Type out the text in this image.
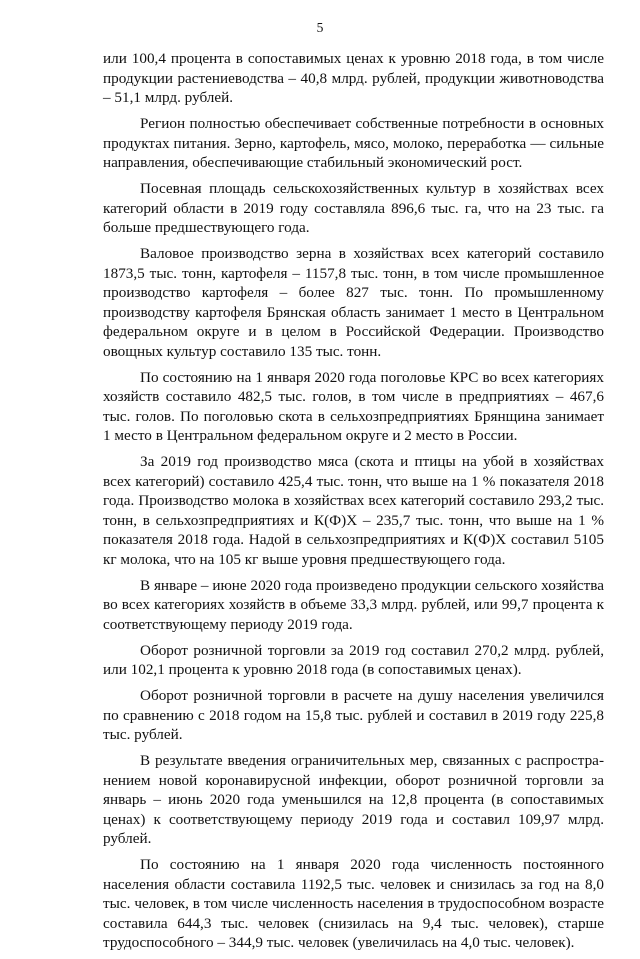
5

или 100,4 процента в сопоставимых ценах к уровню 2018 года, в том числе продукции растениеводства – 40,8 млрд. рублей, продукции животноводства – 51,1 млрд. рублей.

Регион полностью обеспечивает собственные потребности в основных продуктах питания. Зерно, картофель, мясо, молоко, переработка — сильные направления, обеспечивающие стабильный экономический рост.

Посевная площадь сельскохозяйственных культур в хозяйствах всех категорий области в 2019 году составляла 896,6 тыс. га, что на 23 тыс. га больше предшествующего года.

Валовое производство зерна в хозяйствах всех категорий составило 1873,5 тыс. тонн, картофеля – 1157,8 тыс. тонн, в том числе промышленное производство картофеля – более 827 тыс. тонн. По промышленному производству картофеля Брянская область занимает 1 место в Центральном федеральном округе и в целом в Российской Федерации. Производство овощных культур составило 135 тыс. тонн.

По состоянию на 1 января 2020 года поголовье КРС во всех категориях хозяйств составило 482,5 тыс. голов, в том числе в предприятиях – 467,6 тыс. голов. По поголовью скота в сельхозпредприятиях Брянщина занимает 1 место в Центральном федеральном округе и 2 место в России.

За 2019 год производство мяса (скота и птицы на убой в хозяйствах всех категорий) составило 425,4 тыс. тонн, что выше на 1 % показателя 2018 года. Производство молока в хозяйствах всех категорий составило 293,2 тыс. тонн, в сельхозпредприятиях и К(Ф)Х – 235,7 тыс. тонн, что выше на 1 % показателя 2018 года. Надой в сельхозпредприятиях и К(Ф)Х составил 5105 кг молока, что на 105 кг выше уровня предшествующего года.

В январе – июне 2020 года произведено продукции сельского хозяйства во всех категориях хозяйств в объеме 33,3 млрд. рублей, или 99,7 процента к соответствующему периоду 2019 года.

Оборот розничной торговли за 2019 год составил 270,2 млрд. рублей, или 102,1 процента к уровню 2018 года (в сопоставимых ценах).

Оборот розничной торговли в расчете на душу населения увеличился по сравнению с 2018 годом на 15,8 тыс. рублей и составил в 2019 году 225,8 тыс. рублей.

В результате введения ограничительных мер, связанных с распространением новой коронавирусной инфекции, оборот розничной торговли за январь – июнь 2020 года уменьшился на 12,8 процента (в сопоставимых ценах) к соответствующему периоду 2019 года и составил 109,97 млрд. рублей.

По состоянию на 1 января 2020 года численность постоянного населения области составила 1192,5 тыс. человек и снизилась за год на 8,0 тыс. человек, в том числе численность населения в трудоспособном возрасте составила 644,3 тыс. человек (снизилась на 9,4 тыс. человек), старше трудоспособного – 344,9 тыс. человек (увеличилась на 4,0 тыс. человек).
